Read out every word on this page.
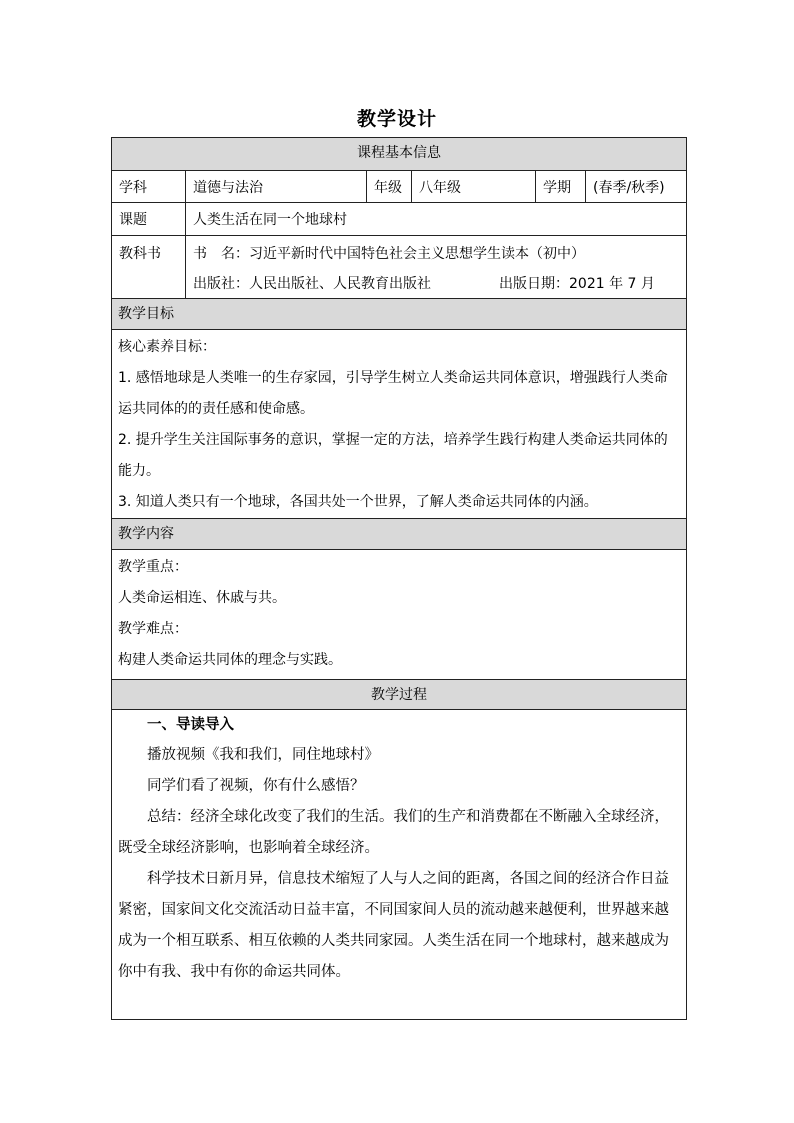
教学设计
课程基本信息
学科	道德与法治	年级	八年级	学期	(春季/秋季)
课题	人类生活在同一个地球村
教科书	书　名：习近平新时代中国特色社会主义思想学生读本（初中）
出版社：人民出版社、人民教育出版社	出版日期：2021 年 7 月
教学目标
核心素养目标：
1. 感悟地球是人类唯一的生存家园，引导学生树立人类命运共同体意识，增强践行人类命运共同体的的责任感和使命感。
2. 提升学生关注国际事务的意识，掌握一定的方法，培养学生践行构建人类命运共同体的能力。
3. 知道人类只有一个地球，各国共处一个世界，了解人类命运共同体的内涵。
教学内容
教学重点：
人类命运相连、休戚与共。
教学难点：
构建人类命运共同体的理念与实践。
教学过程
一、导读导入
播放视频《我和我们，同住地球村》
同学们看了视频，你有什么感悟？
总结：经济全球化改变了我们的生活。我们的生产和消费都在不断融入全球经济，既受全球经济影响，也影响着全球经济。
科学技术日新月异，信息技术缩短了人与人之间的距离，各国之间的经济合作日益紧密，国家间文化交流活动日益丰富，不同国家间人员的流动越来越便利，世界越来越成为一个相互联系、相互依赖的人类共同家园。人类生活在同一个地球村，越来越成为你中有我、我中有你的命运共同体。
